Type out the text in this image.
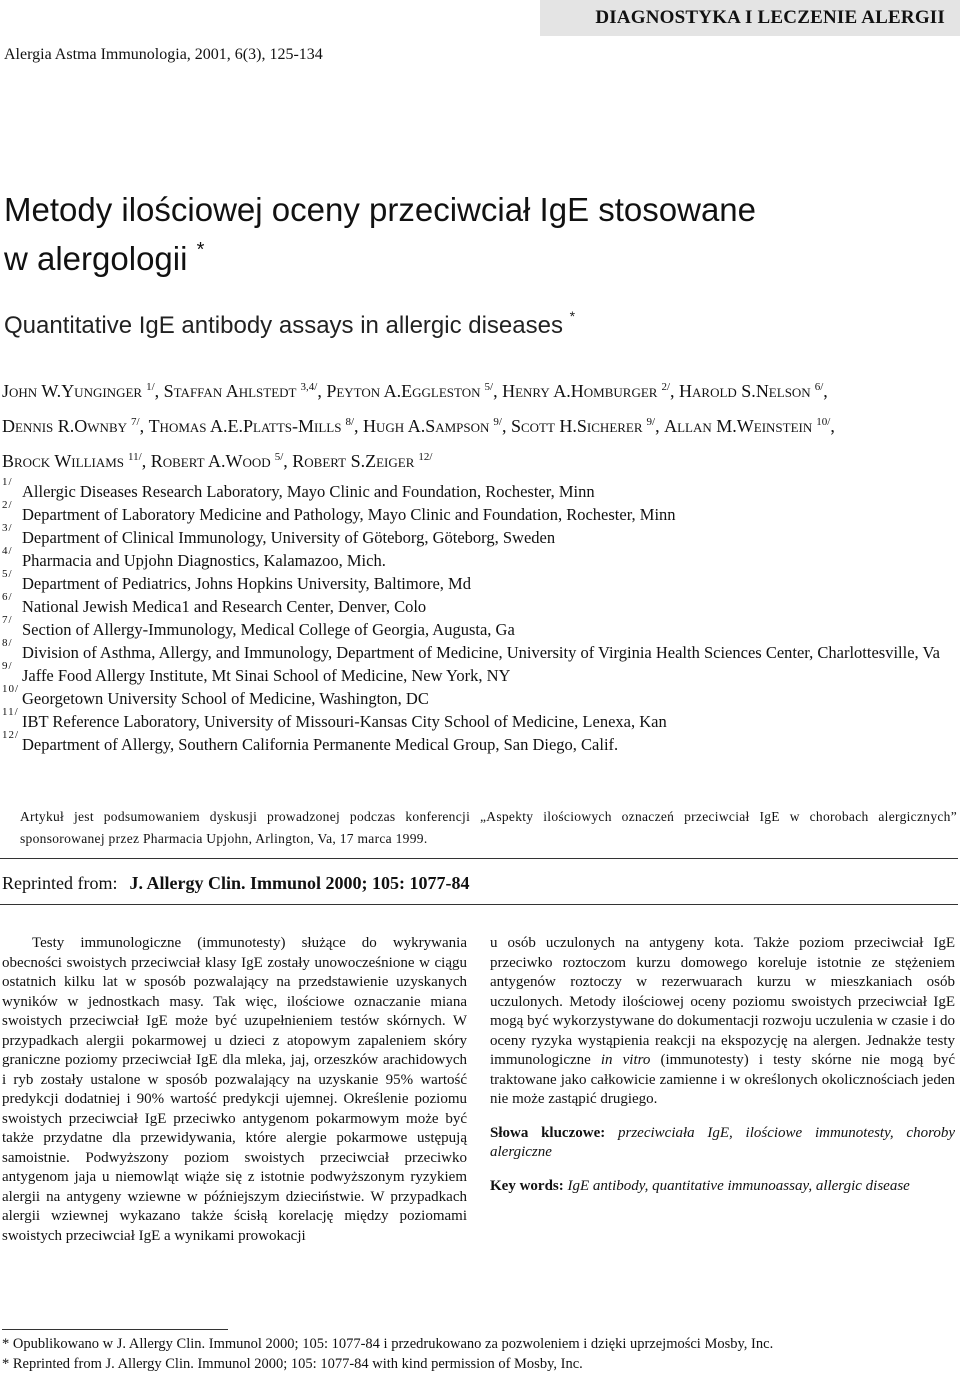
DIAGNOSTYKA I LECZENIE ALERGII
Alergia Astma Immunologia, 2001, 6(3), 125-134
Metody ilościowej oceny przeciwciał IgE stosowane
w alergologii *
Quantitative IgE antibody assays in allergic diseases *
John W.Yunginger $^{1/}$, Staffan Ahlstedt $^{3,4/}$, Peyton A.Eggleston $^{5/}$, Henry A.Homburger $^{2/}$, Harold S.Nelson $^{6/}$, Dennis R.Ownby $^{7/}$, Thomas A.E.Platts-Mills $^{8/}$, Hugh A.Sampson $^{9/}$, Scott H.Sicherer $^{9/}$, Allan M.Weinstein $^{10/}$, Brock Williams $^{11/}$, Robert A.Wood $^{5/}$, Robert S.Zeiger $^{12/}$
1/ Allergic Diseases Research Laboratory, Mayo Clinic and Foundation, Rochester, Minn
2/ Department of Laboratory Medicine and Pathology, Mayo Clinic and Foundation, Rochester, Minn
3/ Department of Clinical Immunology, University of Göteborg, Göteborg, Sweden
4/ Pharmacia and Upjohn Diagnostics, Kalamazoo, Mich.
5/ Department of Pediatrics, Johns Hopkins University, Baltimore, Md
6/ National Jewish Medica1 and Research Center, Denver, Colo
7/ Section of Allergy-Immunology, Medical College of Georgia, Augusta, Ga
8/ Division of Asthma, Allergy, and Immunology, Department of Medicine, University of Virginia Health Sciences Center, Charlottesville, Va
9/ Jaffe Food Allergy Institute, Mt Sinai School of Medicine, New York, NY
10/ Georgetown University School of Medicine, Washington, DC
11/ IBT Reference Laboratory, University of Missouri-Kansas City School of Medicine, Lenexa, Kan
12/ Department of Allergy, Southern California Permanente Medical Group, San Diego, Calif.
Artykuł jest podsumowaniem dyskusji prowadzonej podczas konferencji „Aspekty ilościowych oznaczeń przeciwciał IgE w chorobach alergicznych” sponsorowanej przez Pharmacia Upjohn, Arlington, Va, 17 marca 1999.
Reprinted from: J. Allergy Clin. Immunol 2000; 105: 1077-84

Testy immunologiczne (immunotesty) służące do wykrywania obecności swoistych przeciwciał klasy IgE zostały unowocześnione w ciągu ostatnich kilku lat w sposób pozwalający na przedstawienie uzyskanych wyników w jednostkach masy. Tak więc, ilościowe oznaczanie miana swoistych przeciwciał IgE może być uzupełnieniem testów skórnych. W przypadkach alergii pokarmowej u dzieci z atopowym zapaleniem skóry graniczne poziomy przeciwciał IgE dla mleka, jaj, orzeszków arachidowych i ryb zostały ustalone w sposób pozwalający na uzyskanie 95% wartość predykcji dodatniej i 90% wartość predykcji ujemnej. Określenie poziomu swoistych przeciwciał IgE przeciwko antygenom pokarmowym może być także przydatne dla przewidywania, które alergie pokarmowe ustępują samoistnie. Podwyższony poziom swoistych przeciwciał przeciwko antygenom jaja u niemowląt wiąże się z istotnie podwyższonym ryzykiem alergii na antygeny wziewne w późniejszym dzieciństwie. W przypadkach alergii wziewnej wykazano także ścisłą korelację między poziomami swoistych przeciwciał IgE a wynikami prowokacji

u osób uczulonych na antygeny kota. Także poziom przeciwciał IgE przeciwko roztoczom kurzu domowego koreluje istotnie ze stężeniem antygenów roztoczy w rezerwuarach kurzu w mieszkaniach osób uczulonych. Metody ilościowej oceny poziomu swoistych przeciwciał IgE mogą być wykorzystywane do dokumentacji rozwoju uczulenia w czasie i do oceny ryzyka wystąpienia reakcji na ekspozycję na alergen. Jednakże testy immunologiczne in vitro (immunotesty) i testy skórne nie mogą być traktowane jako całkowicie zamienne i w określonych okolicznościach jeden nie może zastąpić drugiego.

Słowa kluczowe: przeciwciała IgE, ilościowe immunotesty, choroby alergiczne

Key words: IgE antibody, quantitative immunoassay, allergic disease

* Opublikowano w J. Allergy Clin. Immunol 2000; 105: 1077-84 i przedrukowano za pozwoleniem i dzięki uprzejmości Mosby, Inc.
* Reprinted from J. Allergy Clin. Immunol 2000; 105: 1077-84 with kind permission of Mosby, Inc.
